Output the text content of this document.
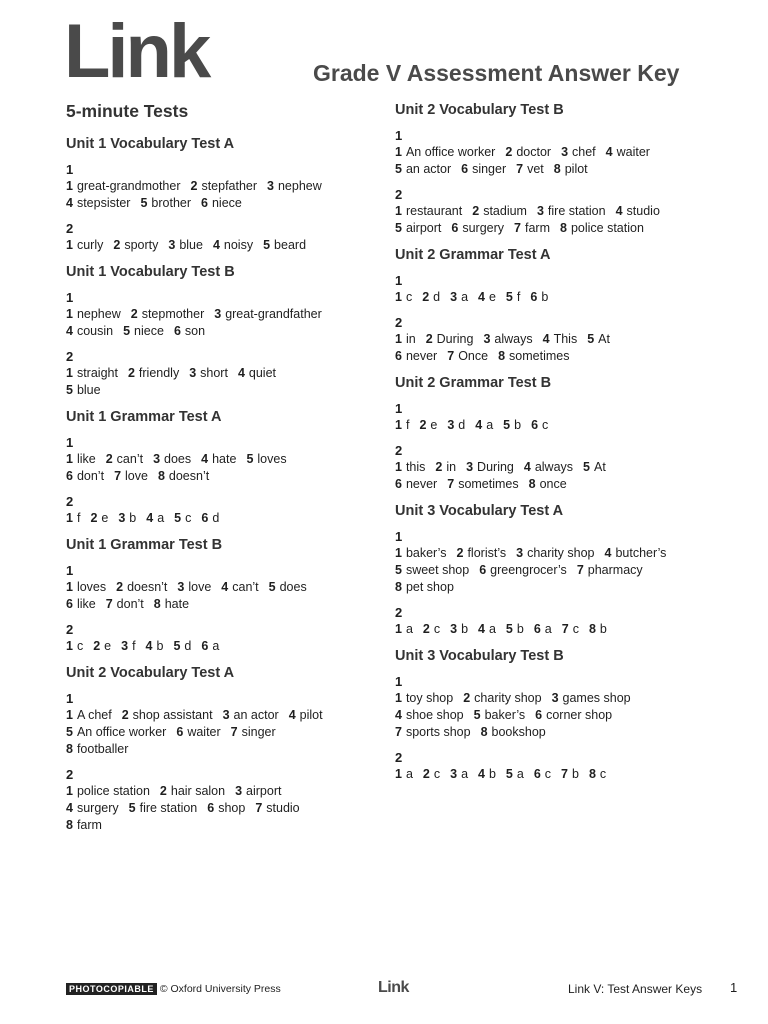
Link	Grade V Assessment Answer Key
5-minute Tests
Unit 1 Vocabulary Test A
1
1 great-grandmother 2 stepfather 3 nephew
4 stepsister 5 brother 6 niece
2
1 curly 2 sporty 3 blue 4 noisy 5 beard
Unit 1 Vocabulary Test B
1
1 nephew 2 stepmother 3 great-grandfather
4 cousin 5 niece 6 son
2
1 straight 2 friendly 3 short 4 quiet
5 blue
Unit 1 Grammar Test A
1
1 like 2 can’t 3 does 4 hate 5 loves
6 don’t 7 love 8 doesn’t
2
1 f 2 e 3 b 4 a 5 c 6 d
Unit 1 Grammar Test B
1
1 loves 2 doesn’t 3 love 4 can’t 5 does
6 like 7 don’t 8 hate
2
1 c 2 e 3 f 4 b 5 d 6 a
Unit 2 Vocabulary Test A
1
1 A chef 2 shop assistant 3 an actor 4 pilot
5 An office worker 6 waiter 7 singer
8 footballer
2
1 police station 2 hair salon 3 airport
4 surgery 5 fire station 6 shop 7 studio
8 farm
Unit 2 Vocabulary Test B
1
1 An office worker 2 doctor 3 chef 4 waiter
5 an actor 6 singer 7 vet 8 pilot
2
1 restaurant 2 stadium 3 fire station 4 studio
5 airport 6 surgery 7 farm 8 police station
Unit 2 Grammar Test A
1
1 c 2 d 3 a 4 e 5 f 6 b
2
1 in 2 During 3 always 4 This 5 At
6 never 7 Once 8 sometimes
Unit 2 Grammar Test B
1
1 f 2 e 3 d 4 a 5 b 6 c
2
1 this 2 in 3 During 4 always 5 At
6 never 7 sometimes 8 once
Unit 3 Vocabulary Test A
1
1 baker’s 2 florist’s 3 charity shop 4 butcher’s
5 sweet shop 6 greengrocer’s 7 pharmacy
8 pet shop
2
1 a 2 c 3 b 4 a 5 b 6 a 7 c 8 b
Unit 3 Vocabulary Test B
1
1 toy shop 2 charity shop 3 games shop
4 shoe shop 5 baker’s 6 corner shop
7 sports shop 8 bookshop
2
1 a 2 c 3 a 4 b 5 a 6 c 7 b 8 c
PHOTOCOPIABLE © Oxford University Press	Link	Link V: Test Answer Keys 1
